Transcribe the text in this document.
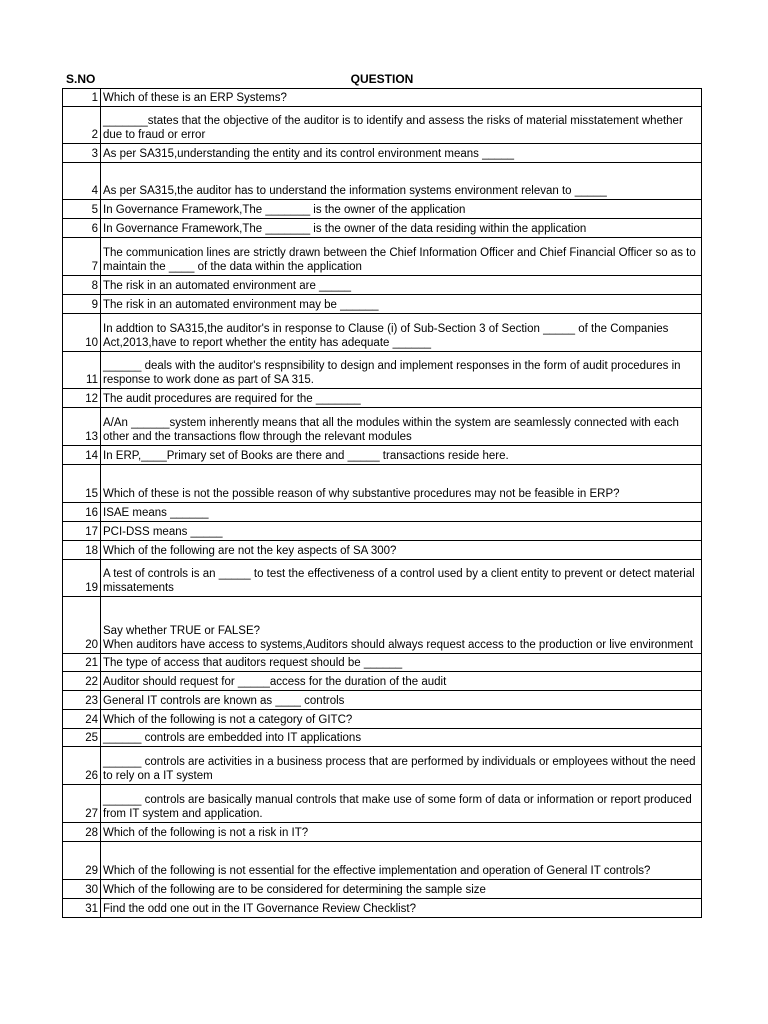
S.NO	QUESTION
1	Which of these is an ERP Systems?
2	_______states that the objective of the auditor is to identify and assess the risks of material misstatement whether due to fraud or error
3	As per SA315,understanding the entity and its control environment means _____
4	As per SA315,the auditor has to understand the information systems environment relevan to _____
5	In Governance Framework,The _______ is the owner of the application
6	In Governance Framework,The _______ is the owner of the data residing within the application
7	The communication lines are strictly drawn between the Chief Information Officer and Chief Financial Officer so as to maintain the ____ of the data within the application
8	The risk in an automated environment are _____
9	The risk in an automated environment may be ______
10	In addtion to SA315,the auditor's in response to Clause (i) of Sub-Section 3 of Section _____ of the Companies Act,2013,have to report whether the entity has adequate ______
11	______ deals with the auditor's respnsibility to design and implement responses in the form of audit procedures in response to work done as part of SA 315.
12	The audit procedures are required for the _______
13	A/An ______system inherently means that all the modules within the system are seamlessly connected with each other and the transactions flow through the relevant modules
14	In ERP,____Primary set of Books are there and _____ transactions reside here.
15	Which of these is not the possible reason of why substantive procedures may not be feasible in ERP?
16	ISAE means ______
17	PCI-DSS means _____
18	Which of the following are not the key aspects of SA 300?
19	A test of controls is an _____ to test the effectiveness of a control used by a client entity to prevent or detect material missatements
20	Say whether TRUE or FALSE?
When auditors have access to systems,Auditors should always request access to the production or live environment
21	The type of access that auditors request should be ______
22	Auditor should request for _____access for the duration of the audit
23	General IT controls are known as ____ controls
24	Which of the following is not a category of GITC?
25	______ controls are embedded into IT applications
26	______ controls are activities in a business process that are performed by individuals or employees without the need to rely on a IT system
27	______ controls are basically manual controls that make use of some form of data or information or report produced from IT system and application.
28	Which of the following is not a risk in IT?
29	Which of the following is not essential for the effective implementation and operation of General IT controls?
30	Which of the following are to be considered for determining the sample size
31	Find the odd one out in the IT Governance Review Checklist?
